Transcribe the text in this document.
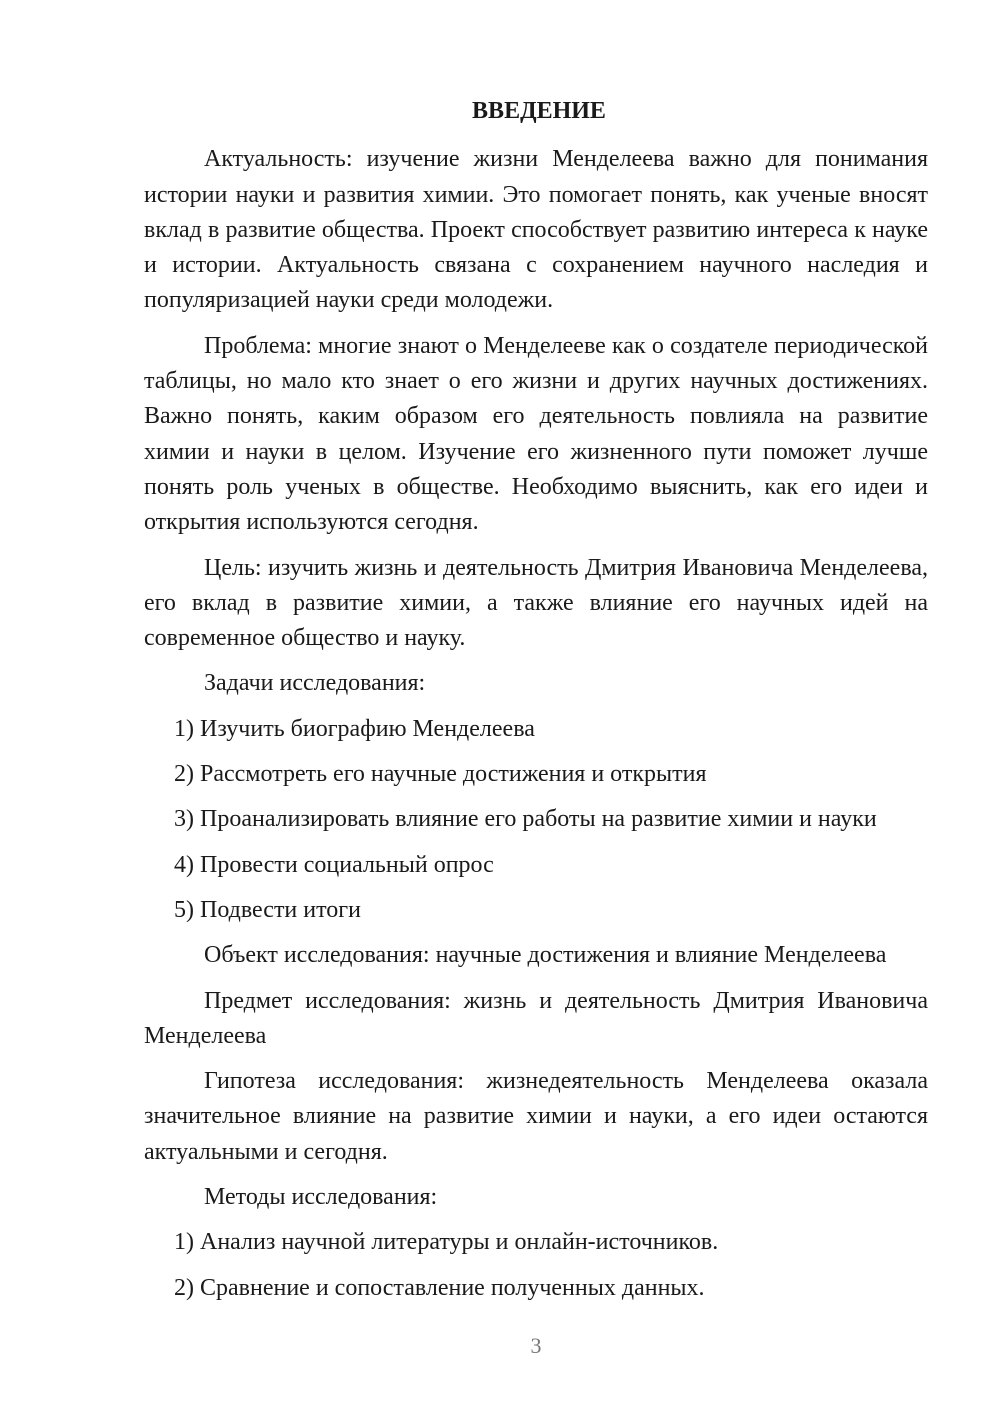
ВВЕДЕНИЕ

Актуальность: изучение жизни Менделеева важно для понимания истории науки и развития химии. Это помогает понять, как ученые вносят вклад в развитие общества. Проект способствует развитию интереса к науке и истории. Актуальность связана с сохранением научного наследия и популяризацией науки среди молодежи.

Проблема: многие знают о Менделееве как о создателе периодической таблицы, но мало кто знает о его жизни и других научных достижениях. Важно понять, каким образом его деятельность повлияла на развитие химии и науки в целом. Изучение его жизненного пути поможет лучше понять роль ученых в обществе. Необходимо выяснить, как его идеи и открытия используются сегодня.

Цель: изучить жизнь и деятельность Дмитрия Ивановича Менделеева, его вклад в развитие химии, а также влияние его научных идей на современное общество и науку.

Задачи исследования:

1) Изучить биографию Менделеева
2) Рассмотреть его научные достижения и открытия
3) Проанализировать влияние его работы на развитие химии и науки
4) Провести социальный опрос
5) Подвести итоги

Объект исследования: научные достижения и влияние Менделеева

Предмет исследования: жизнь и деятельность Дмитрия Ивановича Менделеева

Гипотеза исследования: жизнедеятельность Менделеева оказала значительное влияние на развитие химии и науки, а его идеи остаются актуальными и сегодня.

Методы исследования:

1) Анализ научной литературы и онлайн-источников.
2) Сравнение и сопоставление полученных данных.
3
